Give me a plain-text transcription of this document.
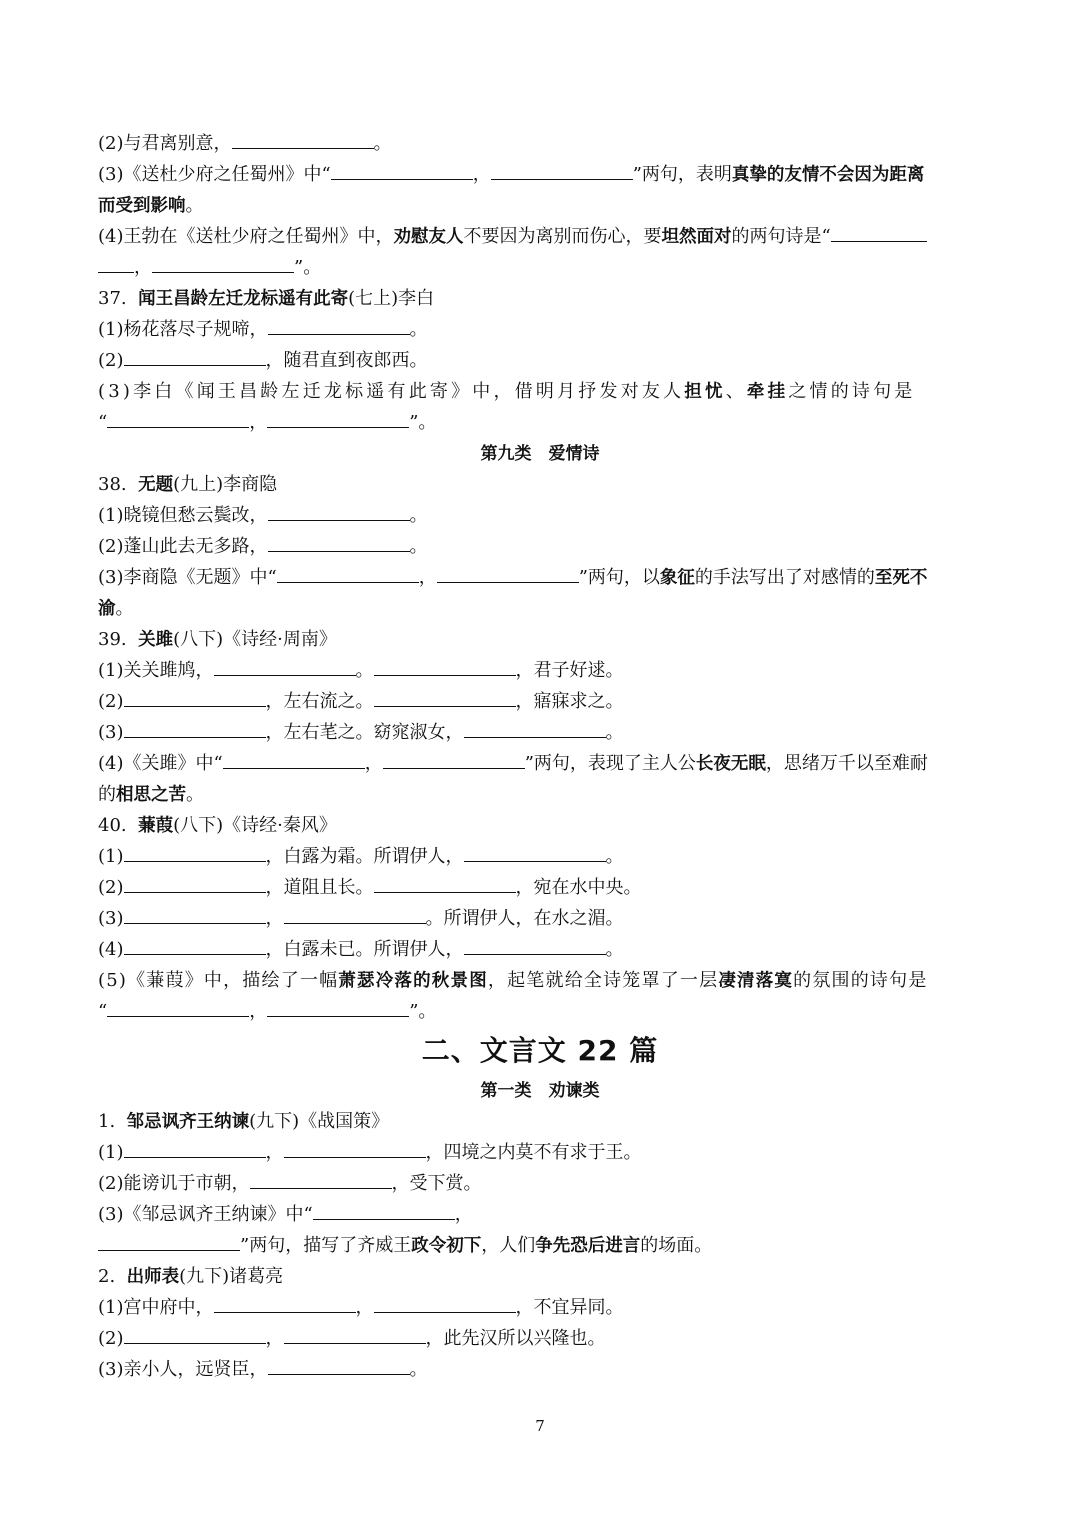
(2)与君离别意，	。
(3)《送杜少府之任蜀州》中“	，	”两句，表明真挚的友情不会因为距离
而受到影响。
(4)王勃在《送杜少府之任蜀州》中，劝慰友人不要因为离别而伤心，要坦然面对的两句诗是“
，	”。
37. 闻王昌龄左迁龙标遥有此寄(七上)李白
(1)杨花落尽子规啼，	。
(2)	，随君直到夜郎西。
(3)李白《闻王昌龄左迁龙标遥有此寄》中，借明月抒发对友人担忧、牵挂之情的诗句是
“	，	”。
第九类　爱情诗
38. 无题(九上)李商隐
(1)晓镜但愁云鬓改，	。
(2)蓬山此去无多路，	。
(3)李商隐《无题》中“	，	”两句，以象征的手法写出了对感情的至死不
渝。
39. 关雎(八下)《诗经·周南》
(1)关关雎鸠，	。	，君子好逑。
(2)	，左右流之。	，寤寐求之。
(3)	，左右芼之。窈窕淑女，	。
(4)《关雎》中“	，	”两句，表现了主人公长夜无眠，思绪万千以至难耐
的相思之苦。
40. 蒹葭(八下)《诗经·秦风》
(1)	，白露为霜。所谓伊人，	。
(2)	，道阻且长。	，宛在水中央。
(3)	，	。所谓伊人，在水之湄。
(4)	，白露未已。所谓伊人，	。
(5)《蒹葭》中，描绘了一幅萧瑟冷落的秋景图，起笔就给全诗笼罩了一层凄清落寞的氛围的诗句是
“	，	”。
二、文言文 22 篇
第一类　劝谏类
1. 邹忌讽齐王纳谏(九下)《战国策》
(1)	，	，四境之内莫不有求于王。
(2)能谤讥于市朝，	，受下赏。
(3)《邹忌讽齐王纳谏》中“	，
”两句，描写了齐威王政令初下，人们争先恐后进言的场面。
2. 出师表(九下)诸葛亮
(1)宫中府中，	，	，不宜异同。
(2)	，	，此先汉所以兴隆也。
(3)亲小人，远贤臣，	。
7
